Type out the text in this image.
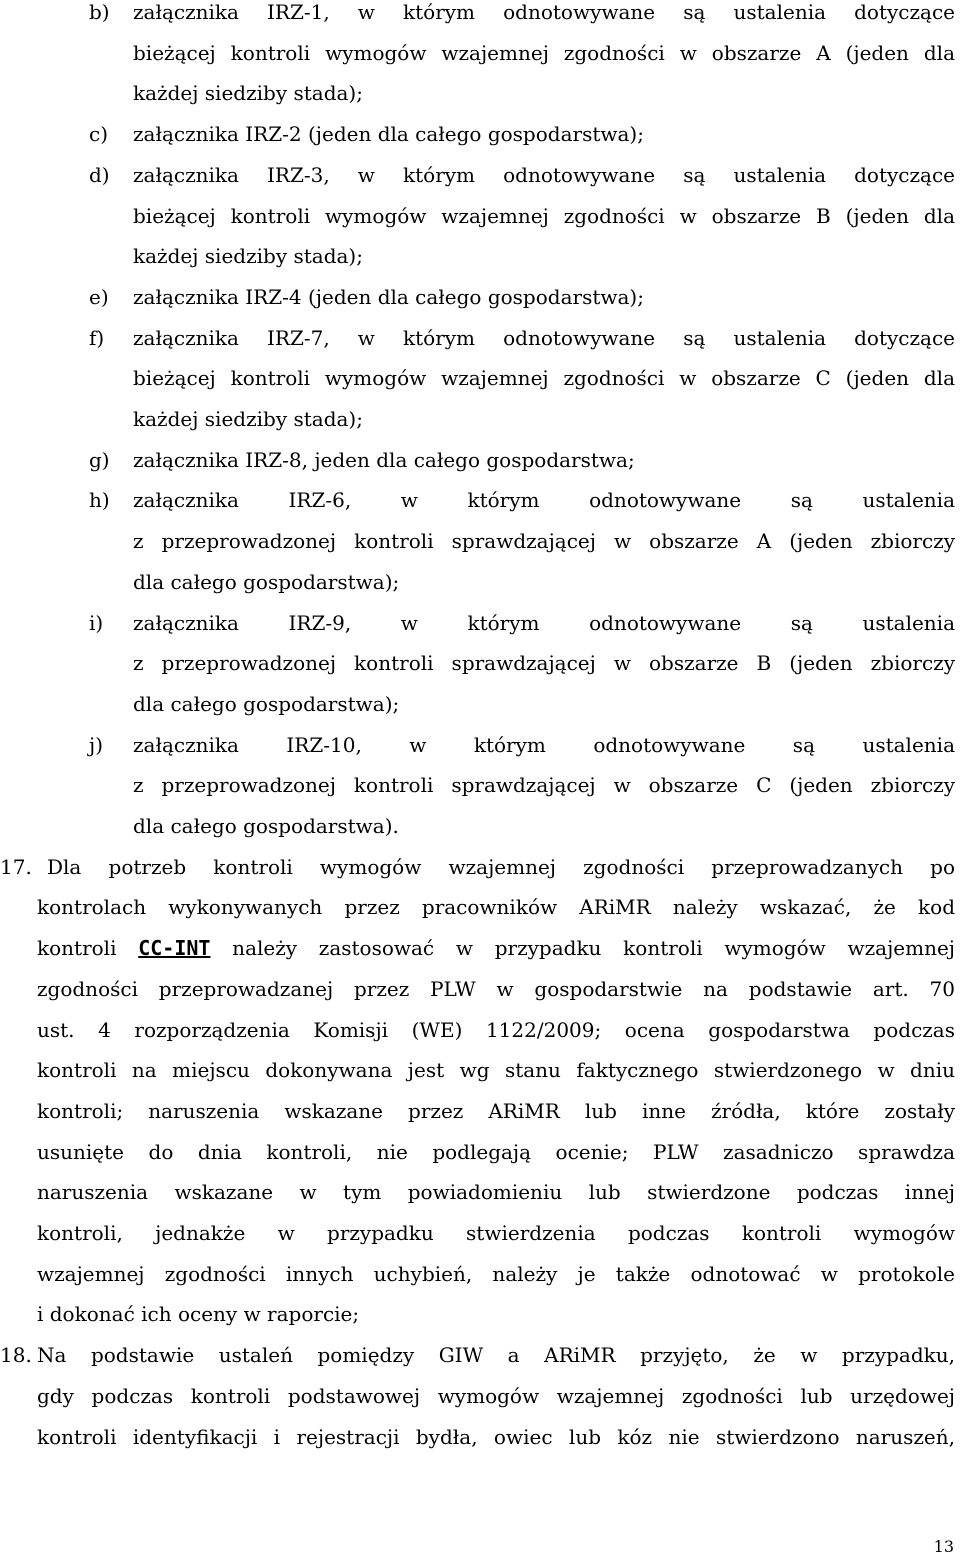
b) załącznika IRZ-1, w którym odnotowywane są ustalenia dotyczące
bieżącej kontroli wymogów wzajemnej zgodności w obszarze A (jeden dla
każdej siedziby stada);
c) załącznika IRZ-2 (jeden dla całego gospodarstwa);
d) załącznika IRZ-3, w którym odnotowywane są ustalenia dotyczące
bieżącej kontroli wymogów wzajemnej zgodności w obszarze B (jeden dla
każdej siedziby stada);
e) załącznika IRZ-4 (jeden dla całego gospodarstwa);
f) załącznika IRZ-7, w którym odnotowywane są ustalenia dotyczące
bieżącej kontroli wymogów wzajemnej zgodności w obszarze C (jeden dla
każdej siedziby stada);
g) załącznika IRZ-8, jeden dla całego gospodarstwa;
h) załącznika IRZ-6, w którym odnotowywane są ustalenia
z przeprowadzonej kontroli sprawdzającej w obszarze A (jeden zbiorczy
dla całego gospodarstwa);
i) załącznika IRZ-9, w którym odnotowywane są ustalenia
z przeprowadzonej kontroli sprawdzającej w obszarze B (jeden zbiorczy
dla całego gospodarstwa);
j) załącznika IRZ-10, w którym odnotowywane są ustalenia
z przeprowadzonej kontroli sprawdzającej w obszarze C (jeden zbiorczy
dla całego gospodarstwa).
17. Dla potrzeb kontroli wymogów wzajemnej zgodności przeprowadzanych po
kontrolach wykonywanych przez pracowników ARiMR należy wskazać, że kod
kontroli CC-INT należy zastosować w przypadku kontroli wymogów wzajemnej
zgodności przeprowadzanej przez PLW w gospodarstwie na podstawie art. 70
ust. 4 rozporządzenia Komisji (WE) 1122/2009; ocena gospodarstwa podczas
kontroli na miejscu dokonywana jest wg stanu faktycznego stwierdzonego w dniu
kontroli; naruszenia wskazane przez ARiMR lub inne źródła, które zostały
usunięte do dnia kontroli, nie podlegają ocenie; PLW zasadniczo sprawdza
naruszenia wskazane w tym powiadomieniu lub stwierdzone podczas innej
kontroli, jednakże w przypadku stwierdzenia podczas kontroli wymogów
wzajemnej zgodności innych uchybień, należy je także odnotować w protokole
i dokonać ich oceny w raporcie;
18. Na podstawie ustaleń pomiędzy GIW a ARiMR przyjęto, że w przypadku,
gdy podczas kontroli podstawowej wymogów wzajemnej zgodności lub urzędowej
kontroli identyfikacji i rejestracji bydła, owiec lub kóz nie stwierdzono naruszeń,
13
